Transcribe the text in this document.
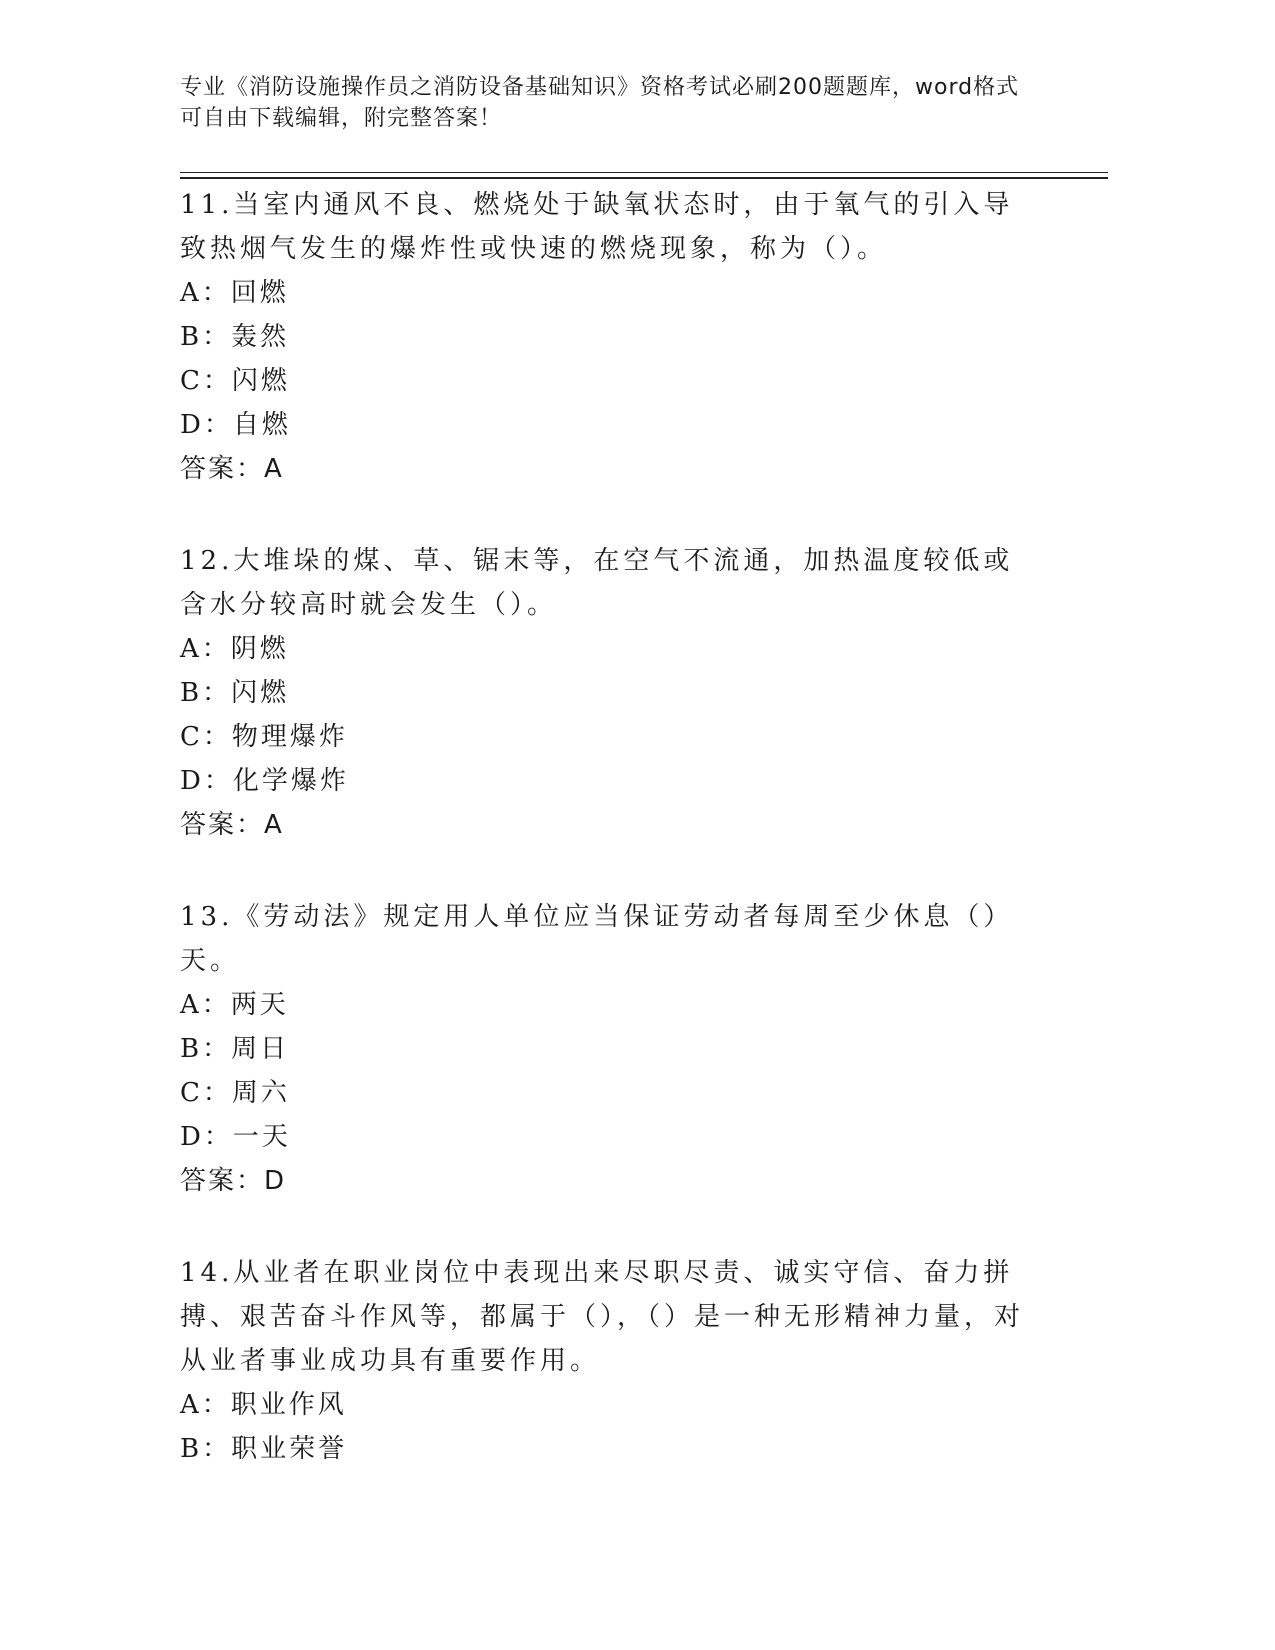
专业《消防设施操作员之消防设备基础知识》资格考试必刷200题题库，word格式可自由下载编辑，附完整答案！
11.当室内通风不良、燃烧处于缺氧状态时，由于氧气的引入导致热烟气发生的爆炸性或快速的燃烧现象，称为（）。
A：回燃
B：轰然
C：闪燃
D：自燃
答案：A
12.大堆垛的煤、草、锯末等，在空气不流通，加热温度较低或含水分较高时就会发生（）。
A：阴燃
B：闪燃
C：物理爆炸
D：化学爆炸
答案：A
13.《劳动法》规定用人单位应当保证劳动者每周至少休息（）天。
A：两天
B：周日
C：周六
D：一天
答案：D
14.从业者在职业岗位中表现出来尽职尽责、诚实守信、奋力拼搏、艰苦奋斗作风等，都属于（），（）是一种无形精神力量，对从业者事业成功具有重要作用。
A：职业作风
B：职业荣誉
